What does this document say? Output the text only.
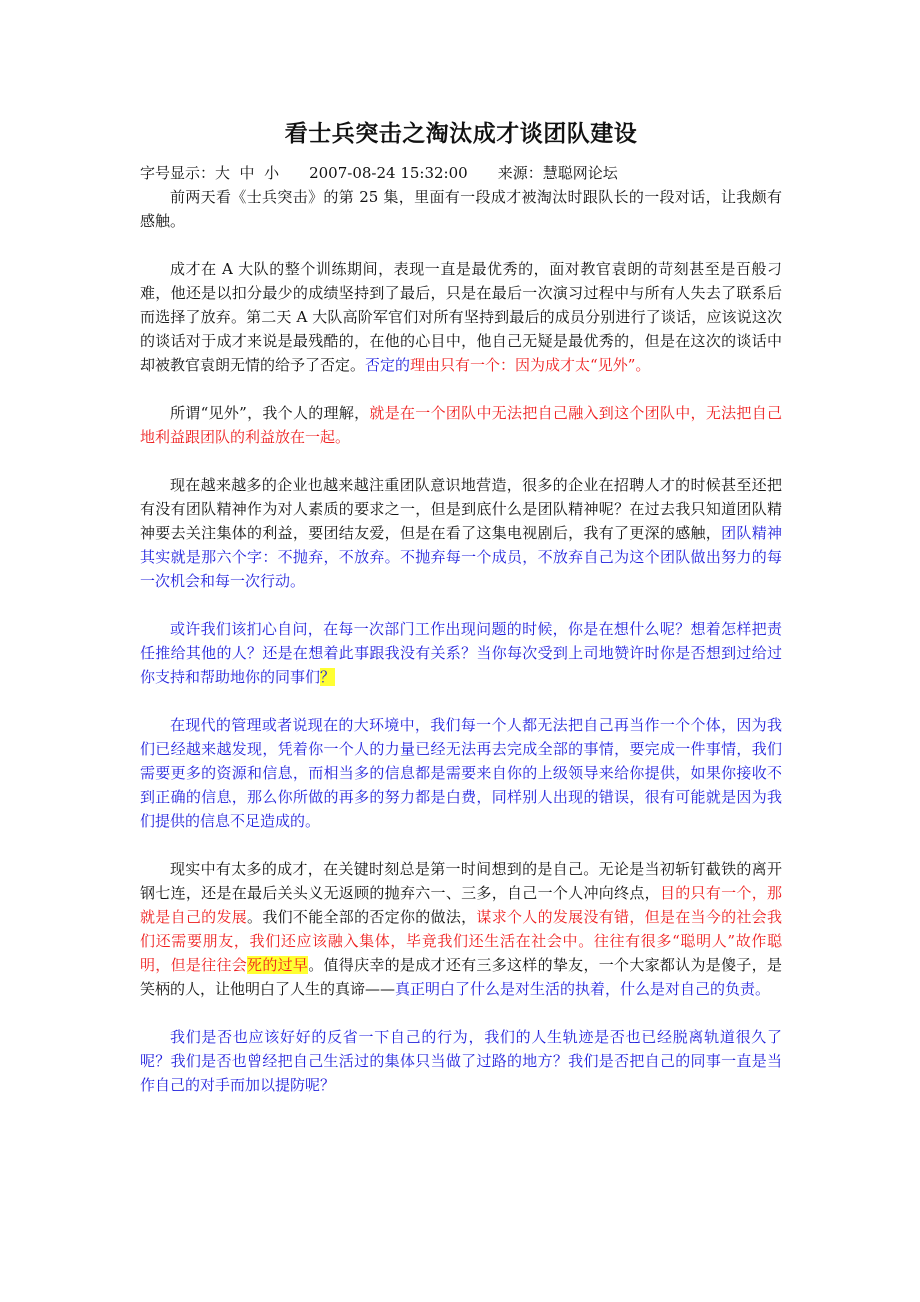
看士兵突击之淘汰成才谈团队建设
字号显示：大  中  小 2007-08-24 15:32:00 来源：慧聪网论坛

前两天看《士兵突击》的第 25 集，里面有一段成才被淘汰时跟队长的一段对话，让我颇有感触。

成才在 A 大队的整个训练期间，表现一直是最优秀的，面对教官袁朗的苛刻甚至是百般刁难，他还是以扣分最少的成绩坚持到了最后，只是在最后一次演习过程中与所有人失去了联系后而选择了放弃。第二天 A 大队高阶军官们对所有坚持到最后的成员分别进行了谈话，应该说这次的谈话对于成才来说是最残酷的，在他的心目中，他自己无疑是最优秀的，但是在这次的谈话中却被教官袁朗无情的给予了否定。否定的理由只有一个：因为成才太“见外”。

所谓“见外”，我个人的理解，就是在一个团队中无法把自己融入到这个团队中，无法把自己地利益跟团队的利益放在一起。

现在越来越多的企业也越来越注重团队意识地营造，很多的企业在招聘人才的时候甚至还把有没有团队精神作为对人素质的要求之一，但是到底什么是团队精神呢？在过去我只知道团队精神要去关注集体的利益，要团结友爱，但是在看了这集电视剧后，我有了更深的感触，团队精神其实就是那六个字：不抛弃，不放弃。不抛弃每一个成员，不放弃自己为这个团队做出努力的每一次机会和每一次行动。

或许我们该扪心自问，在每一次部门工作出现问题的时候，你是在想什么呢？想着怎样把责任推给其他的人？还是在想着此事跟我没有关系？当你每次受到上司地赞许时你是否想到过给过你支持和帮助地你的同事们？

在现代的管理或者说现在的大环境中，我们每一个人都无法把自己再当作一个个体，因为我们已经越来越发现，凭着你一个人的力量已经无法再去完成全部的事情，要完成一件事情，我们需要更多的资源和信息，而相当多的信息都是需要来自你的上级领导来给你提供，如果你接收不到正确的信息，那么你所做的再多的努力都是白费，同样别人出现的错误，很有可能就是因为我们提供的信息不足造成的。

现实中有太多的成才，在关键时刻总是第一时间想到的是自己。无论是当初斩钉截铁的离开钢七连，还是在最后关头义无返顾的抛弃六一、三多，自己一个人冲向终点，目的只有一个，那就是自己的发展。我们不能全部的否定你的做法，谋求个人的发展没有错，但是在当今的社会我们还需要朋友，我们还应该融入集体，毕竟我们还生活在社会中。往往有很多“聪明人”故作聪明，但是往往会死的过早。值得庆幸的是成才还有三多这样的挚友，一个大家都认为是傻子，是笑柄的人，让他明白了人生的真谛——真正明白了什么是对生活的执着，什么是对自己的负责。

我们是否也应该好好的反省一下自己的行为，我们的人生轨迹是否也已经脱离轨道很久了呢？我们是否也曾经把自己生活过的集体只当做了过路的地方？我们是否把自己的同事一直是当作自己的对手而加以提防呢？
